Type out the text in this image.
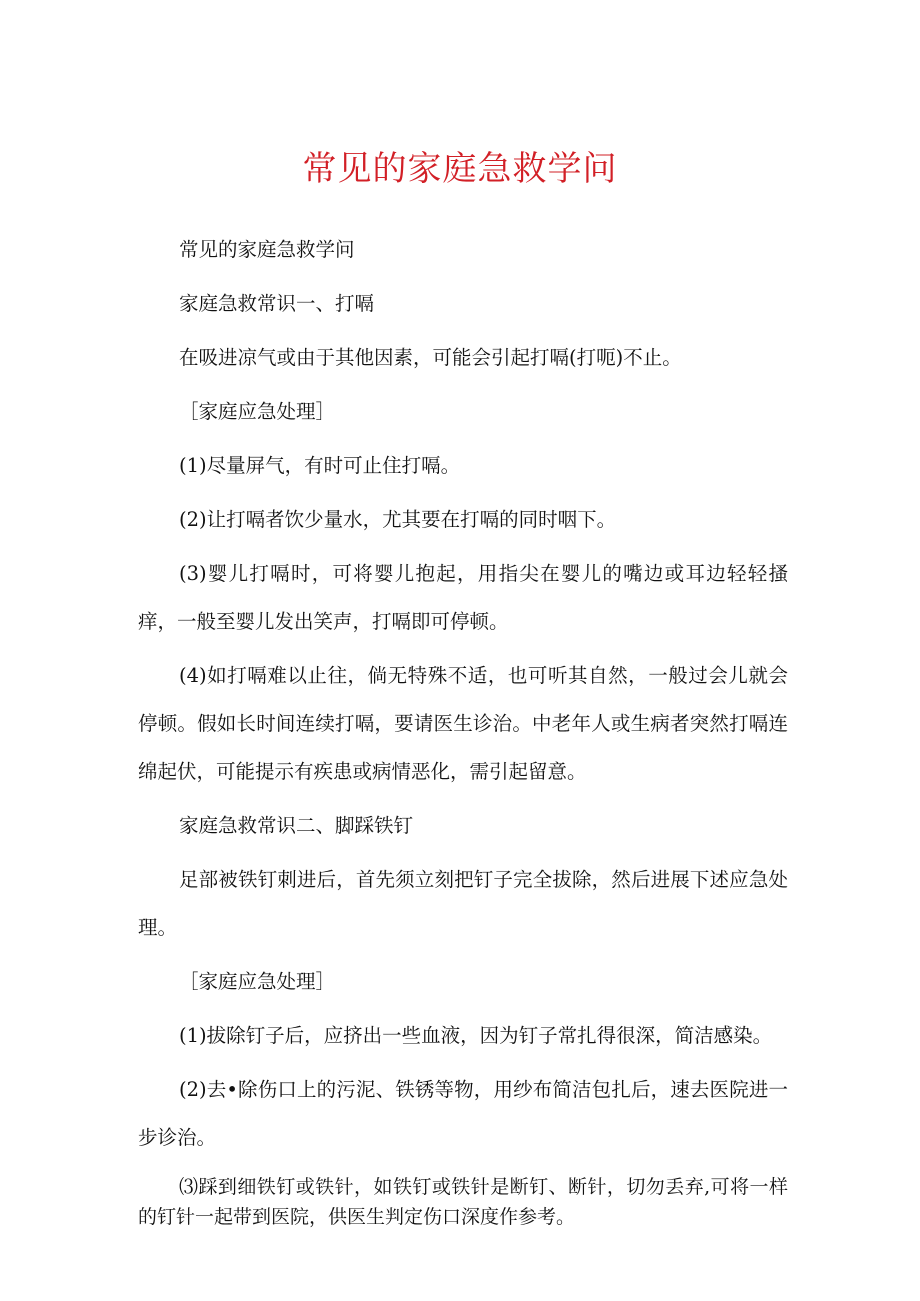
常见的家庭急救学问

常见的家庭急救学问

家庭急救常识一、打嗝

在吸进凉气或由于其他因素，可能会引起打嗝(打呃)不止。

［家庭应急处理］

(1)尽量屏气，有时可止住打嗝。

(2)让打嗝者饮少量水，尤其要在打嗝的同时咽下。

(3)婴儿打嗝时，可将婴儿抱起，用指尖在婴儿的嘴边或耳边轻轻搔痒，一般至婴儿发出笑声，打嗝即可停顿。

(4)如打嗝难以止往，倘无特殊不适，也可听其自然，一般过会儿就会停顿。假如长时间连续打嗝，要请医生诊治。中老年人或生病者突然打嗝连绵起伏，可能提示有疾患或病情恶化，需引起留意。

家庭急救常识二、脚踩铁钉

足部被铁钉刺进后，首先须立刻把钉子完全拔除，然后进展下述应急处理。

［家庭应急处理］

(1)拔除钉子后，应挤出一些血液，因为钉子常扎得很深，简洁感染。

(2)去•除伤口上的污泥、铁锈等物，用纱布简洁包扎后，速去医院进一步诊治。

⑶踩到细铁钉或铁针，如铁钉或铁针是断钉、断针，切勿丢弃,可将一样的钉针一起带到医院，供医生判定伤口深度作参考。
